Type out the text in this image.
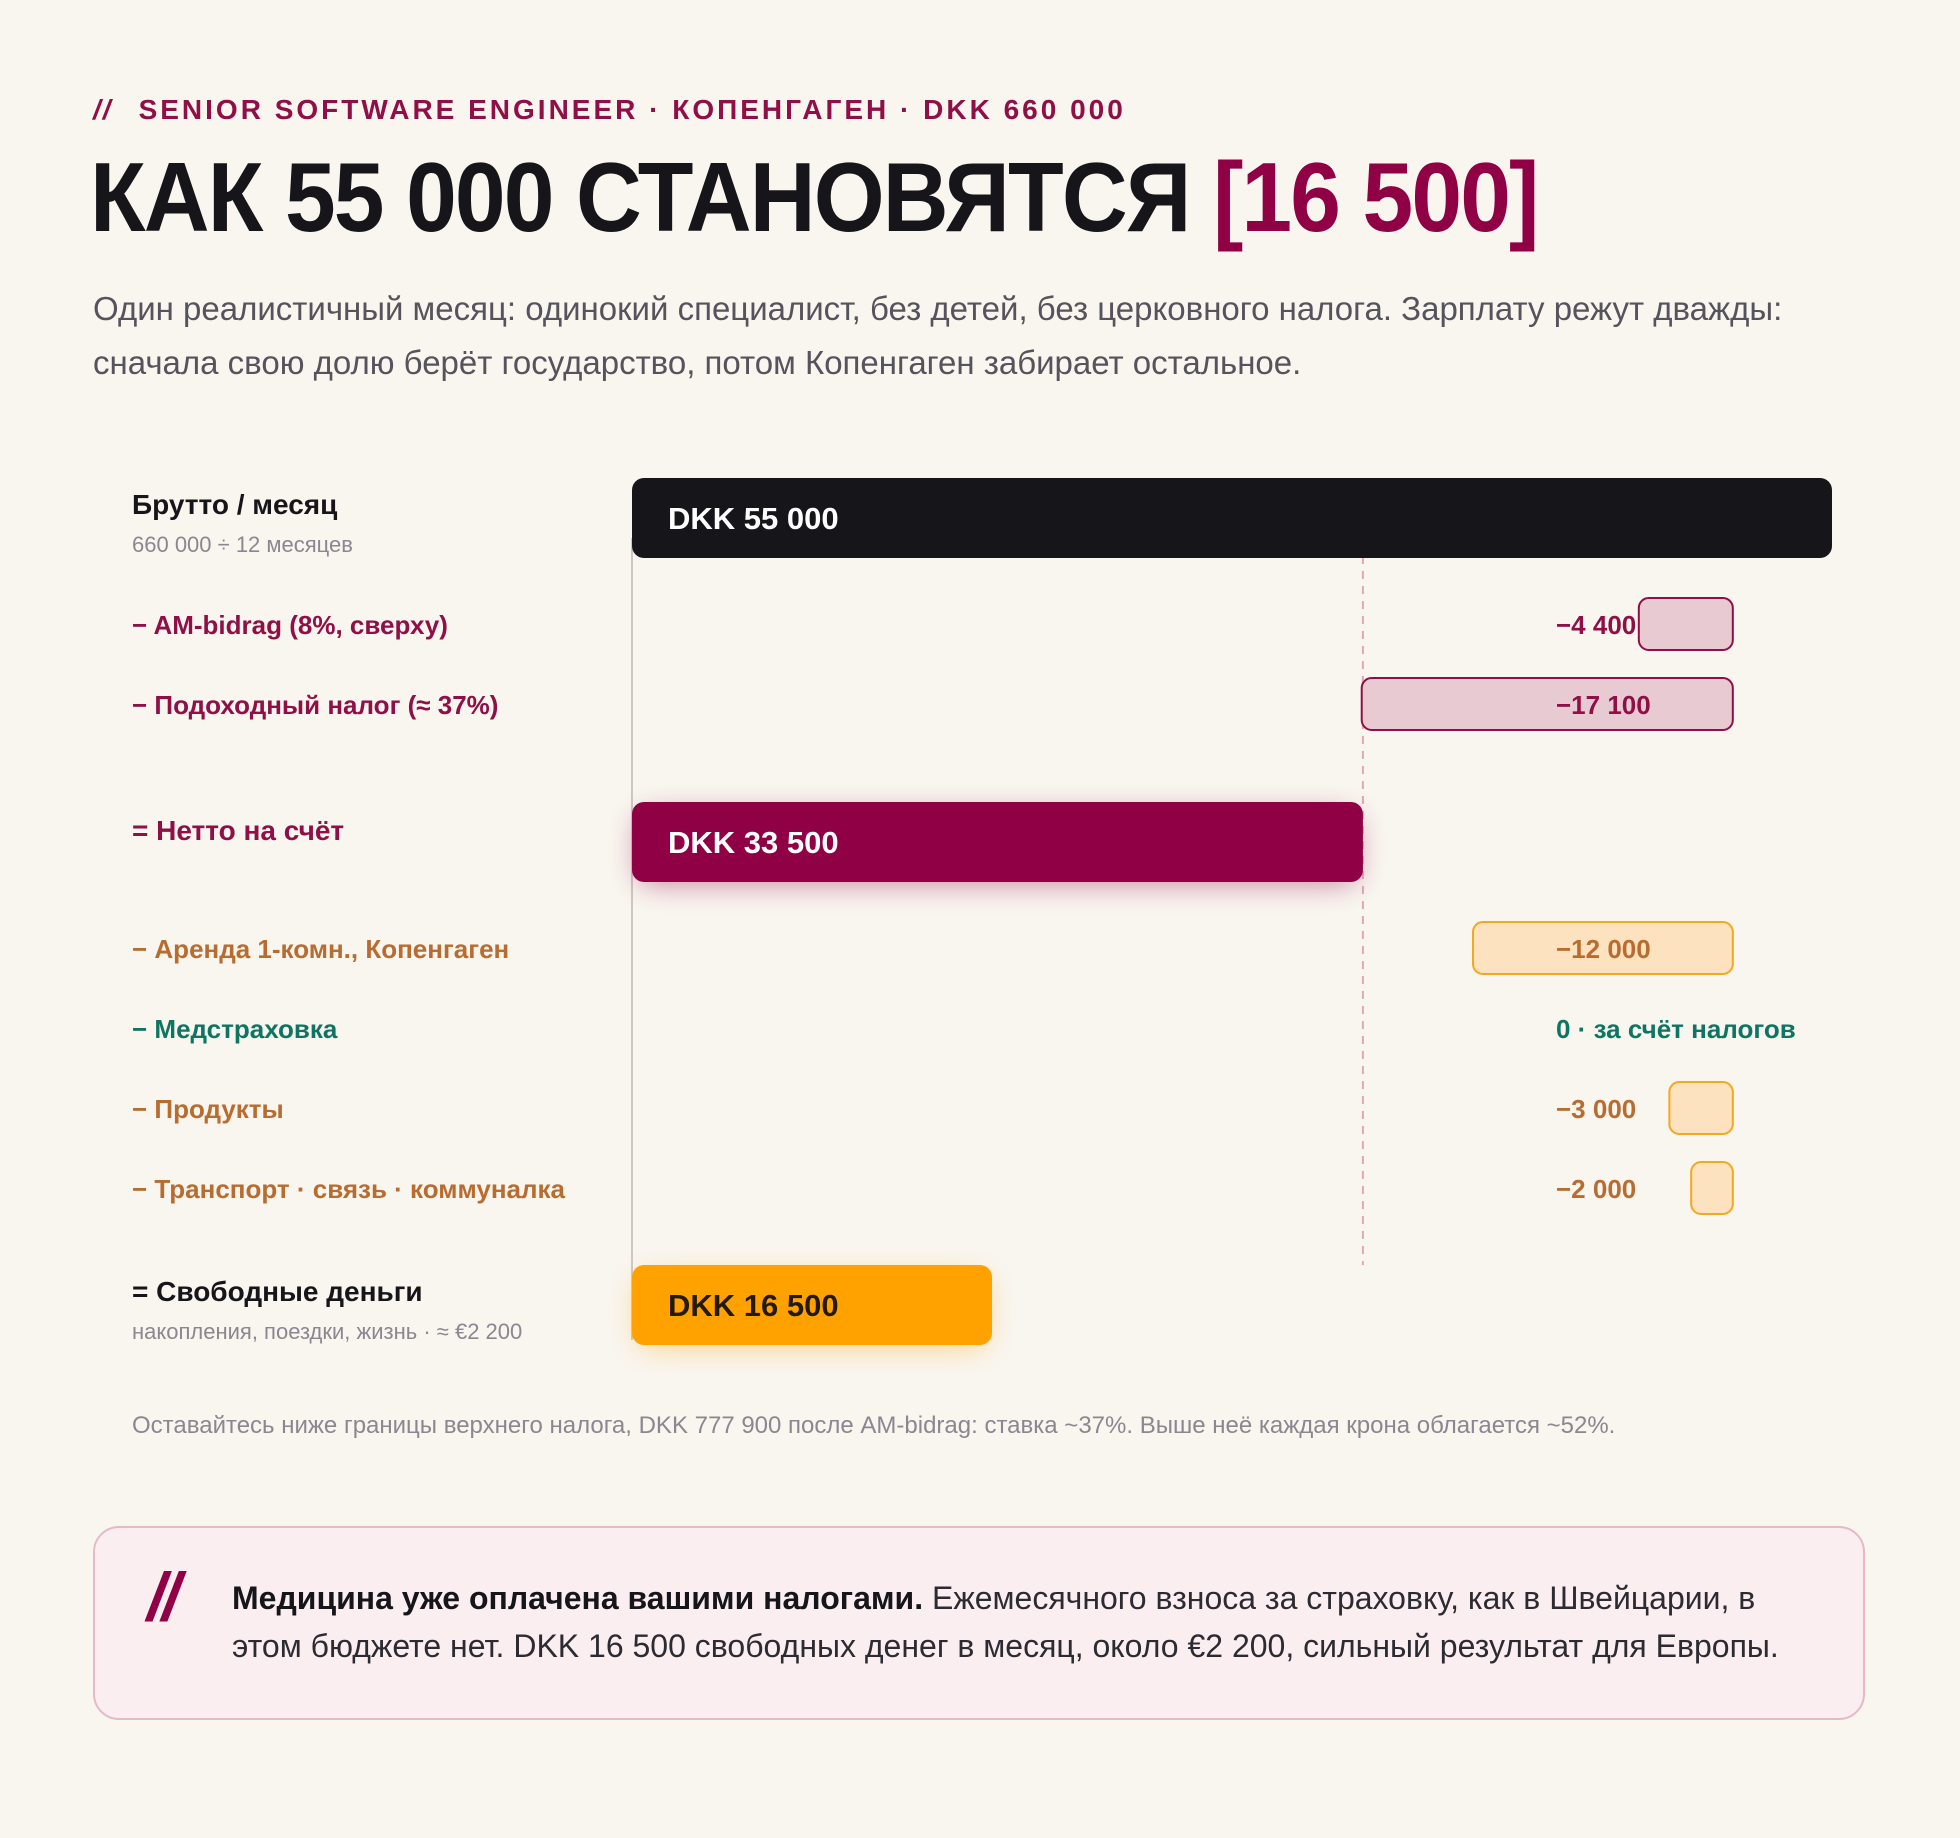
// SENIOR SOFTWARE ENGINEER · КОПЕНГАГЕН · DKK 660 000
КАК 55 000 СТАНОВЯТСЯ [16 500]
Один реалистичный месяц: одинокий специалист, без детей, без церковного налога. Зарплату режут дважды: сначала свою долю берёт государство, потом Копенгаген забирает остальное.
DKK 55 000
Брутто / месяц
660 000 ÷ 12 месяцев
−4 400
− AM-bidrag (8%, сверху)
−17 100
− Подоходный налог (≈ 37%)
DKK 33 500
= Нетто на счёт
−12 000
− Аренда 1-комн., Копенгаген
0 · за счёт налогов
− Медстраховка
−3 000
− Продукты
−2 000
− Транспорт · связь · коммуналка
DKK 16 500
= Свободные деньги
накопления, поездки, жизнь · ≈ €2 200
Оставайтесь ниже границы верхнего налога, DKK 777 900 после AM-bidrag: ставка ~37%. Выше неё каждая крона облагается ~52%.
// Медицина уже оплачена вашими налогами. Ежемесячного взноса за страховку, как в Швейцарии, в этом бюджете нет. DKK 16 500 свободных денег в месяц, около €2 200, сильный результат для Европы.
